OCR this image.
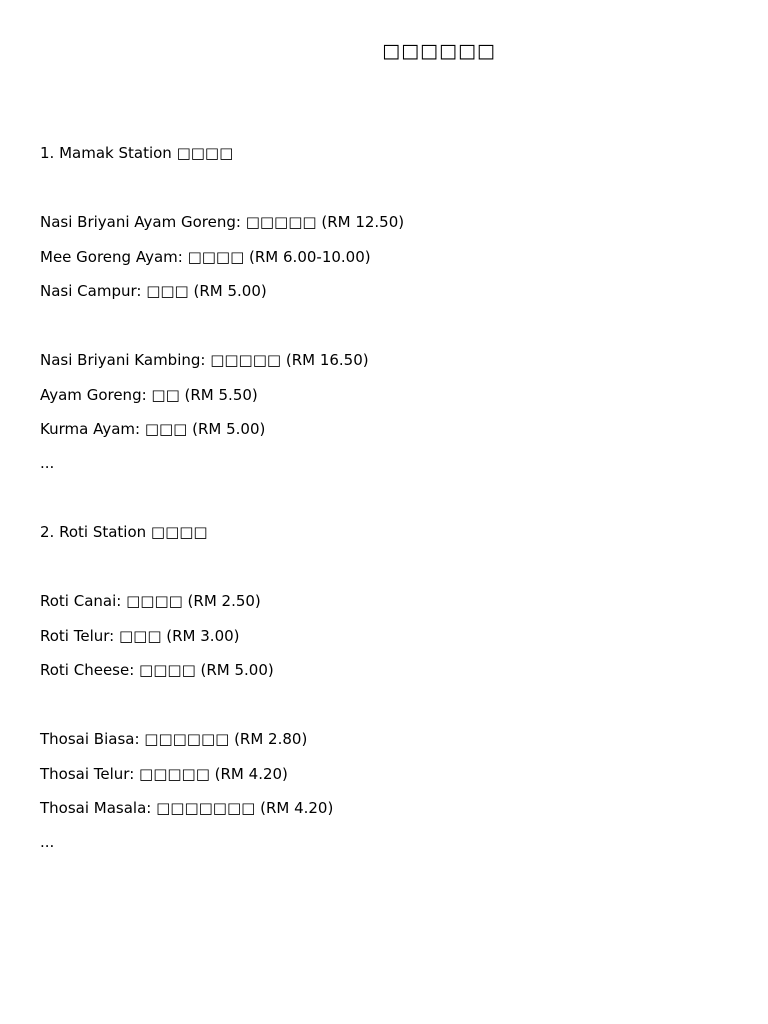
□□□□□□
1. Mamak Station □□□□
Nasi Briyani Ayam Goreng: □□□□□ (RM 12.50)
Mee Goreng Ayam: □□□□ (RM 6.00-10.00)
Nasi Campur: □□□ (RM 5.00)
Nasi Briyani Kambing: □□□□□ (RM 16.50)
Ayam Goreng: □□ (RM 5.50)
Kurma Ayam: □□□ (RM 5.00)
...
2. Roti Station □□□□
Roti Canai: □□□□ (RM 2.50)
Roti Telur: □□□ (RM 3.00)
Roti Cheese: □□□□ (RM 5.00)
Thosai Biasa: □□□□□□ (RM 2.80)
Thosai Telur: □□□□□ (RM 4.20)
Thosai Masala: □□□□□□□ (RM 4.20)
...
